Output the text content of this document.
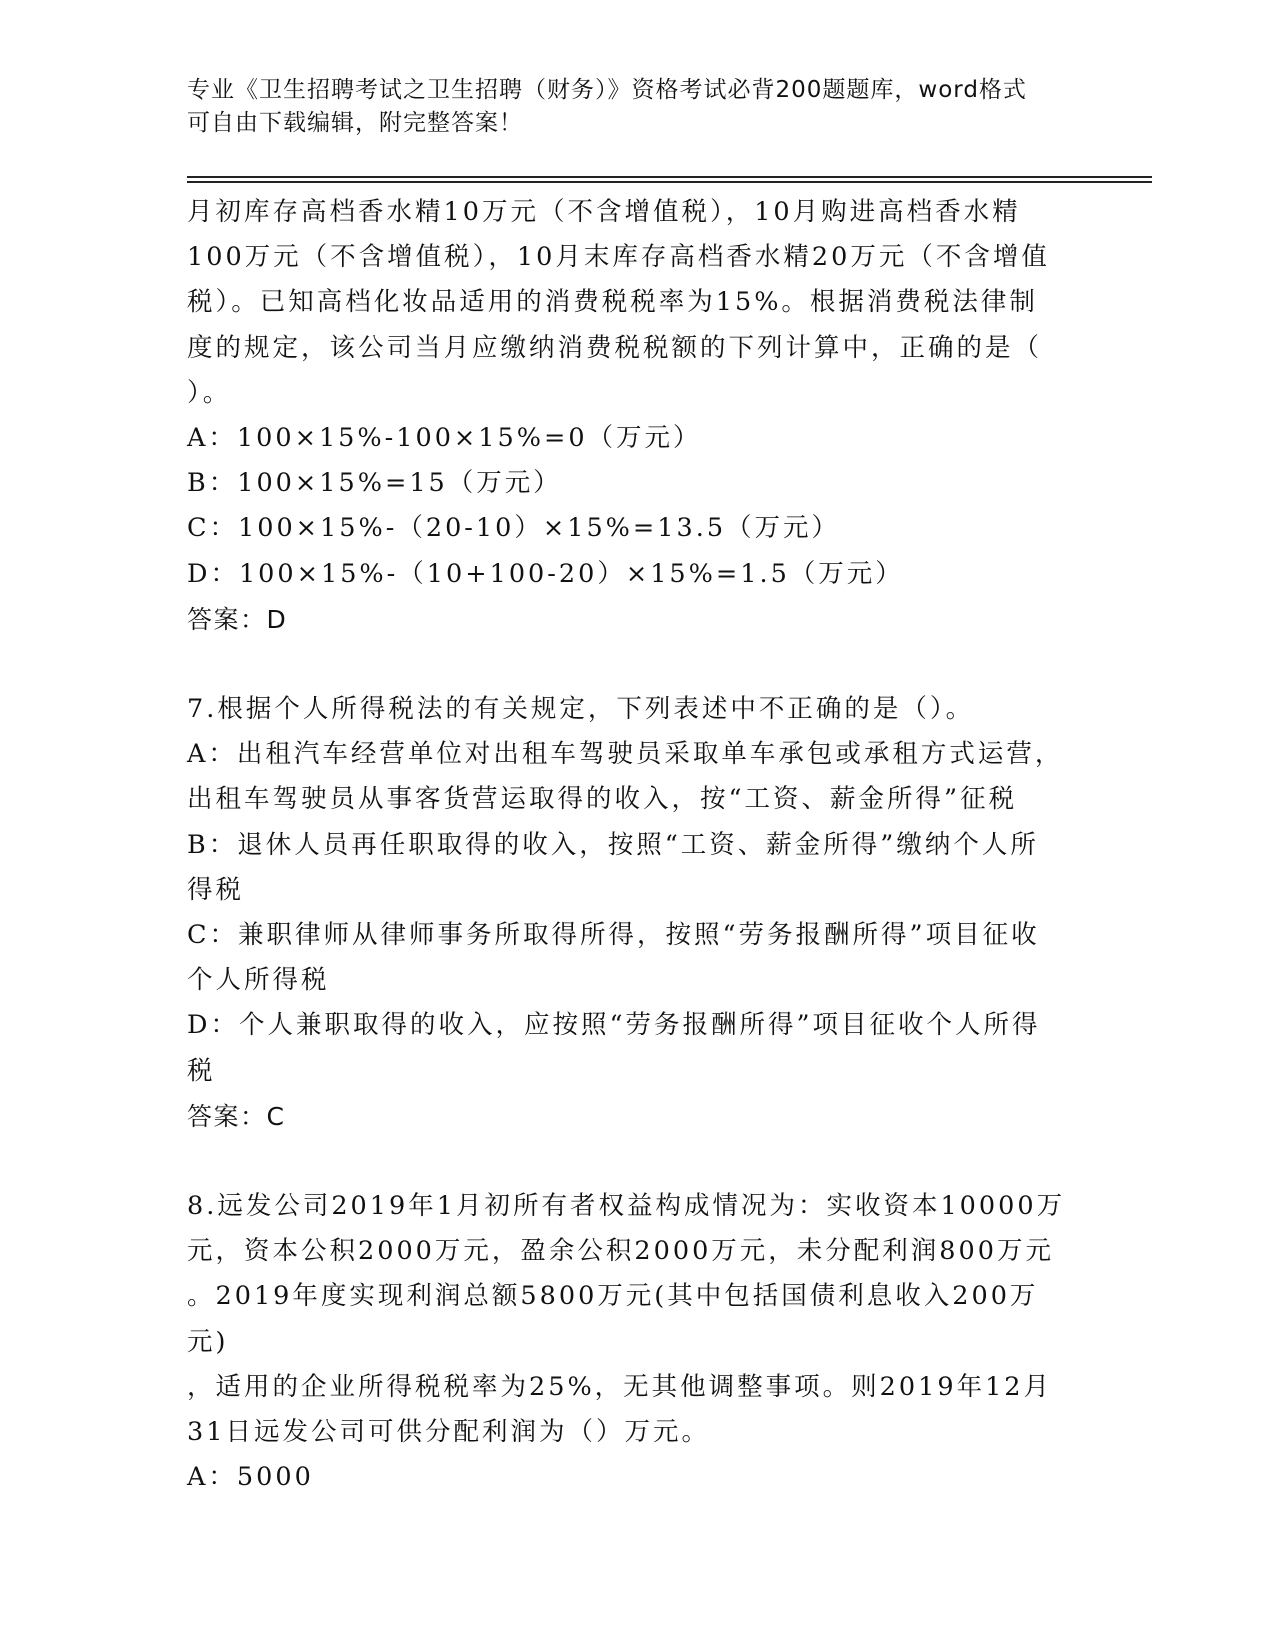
专业《卫生招聘考试之卫生招聘（财务）》资格考试必背200题题库，word格式
可自由下载编辑，附完整答案！

月初库存高档香水精10万元（不含增值税），10月购进高档香水精

100万元（不含增值税），10月末库存高档香水精20万元（不含增值

税）。已知高档化妆品适用的消费税税率为15%。根据消费税法律制

度的规定，该公司当月应缴纳消费税税额的下列计算中，正确的是（

）。

A：100×15%-100×15%=0（万元）

B：100×15%=15（万元）

C：100×15%-（20-10）×15%=13.5（万元）

D：100×15%-（10+100-20）×15%=1.5（万元）

答案：D

7.根据个人所得税法的有关规定，下列表述中不正确的是（）。

A：出租汽车经营单位对出租车驾驶员采取单车承包或承租方式运营，

出租车驾驶员从事客货营运取得的收入，按“工资、薪金所得”征税

B：退休人员再任职取得的收入，按照“工资、薪金所得”缴纳个人所

得税

C：兼职律师从律师事务所取得所得，按照“劳务报酬所得”项目征收

个人所得税

D：个人兼职取得的收入，应按照“劳务报酬所得”项目征收个人所得

税

答案：C

8.远发公司2019年1月初所有者权益构成情况为：实收资本10000万

元，资本公积2000万元，盈余公积2000万元，未分配利润800万元

。2019年度实现利润总额5800万元(其中包括国债利息收入200万元)

，适用的企业所得税税率为25%，无其他调整事项。则2019年12月

31日远发公司可供分配利润为（）万元。

A：5000
